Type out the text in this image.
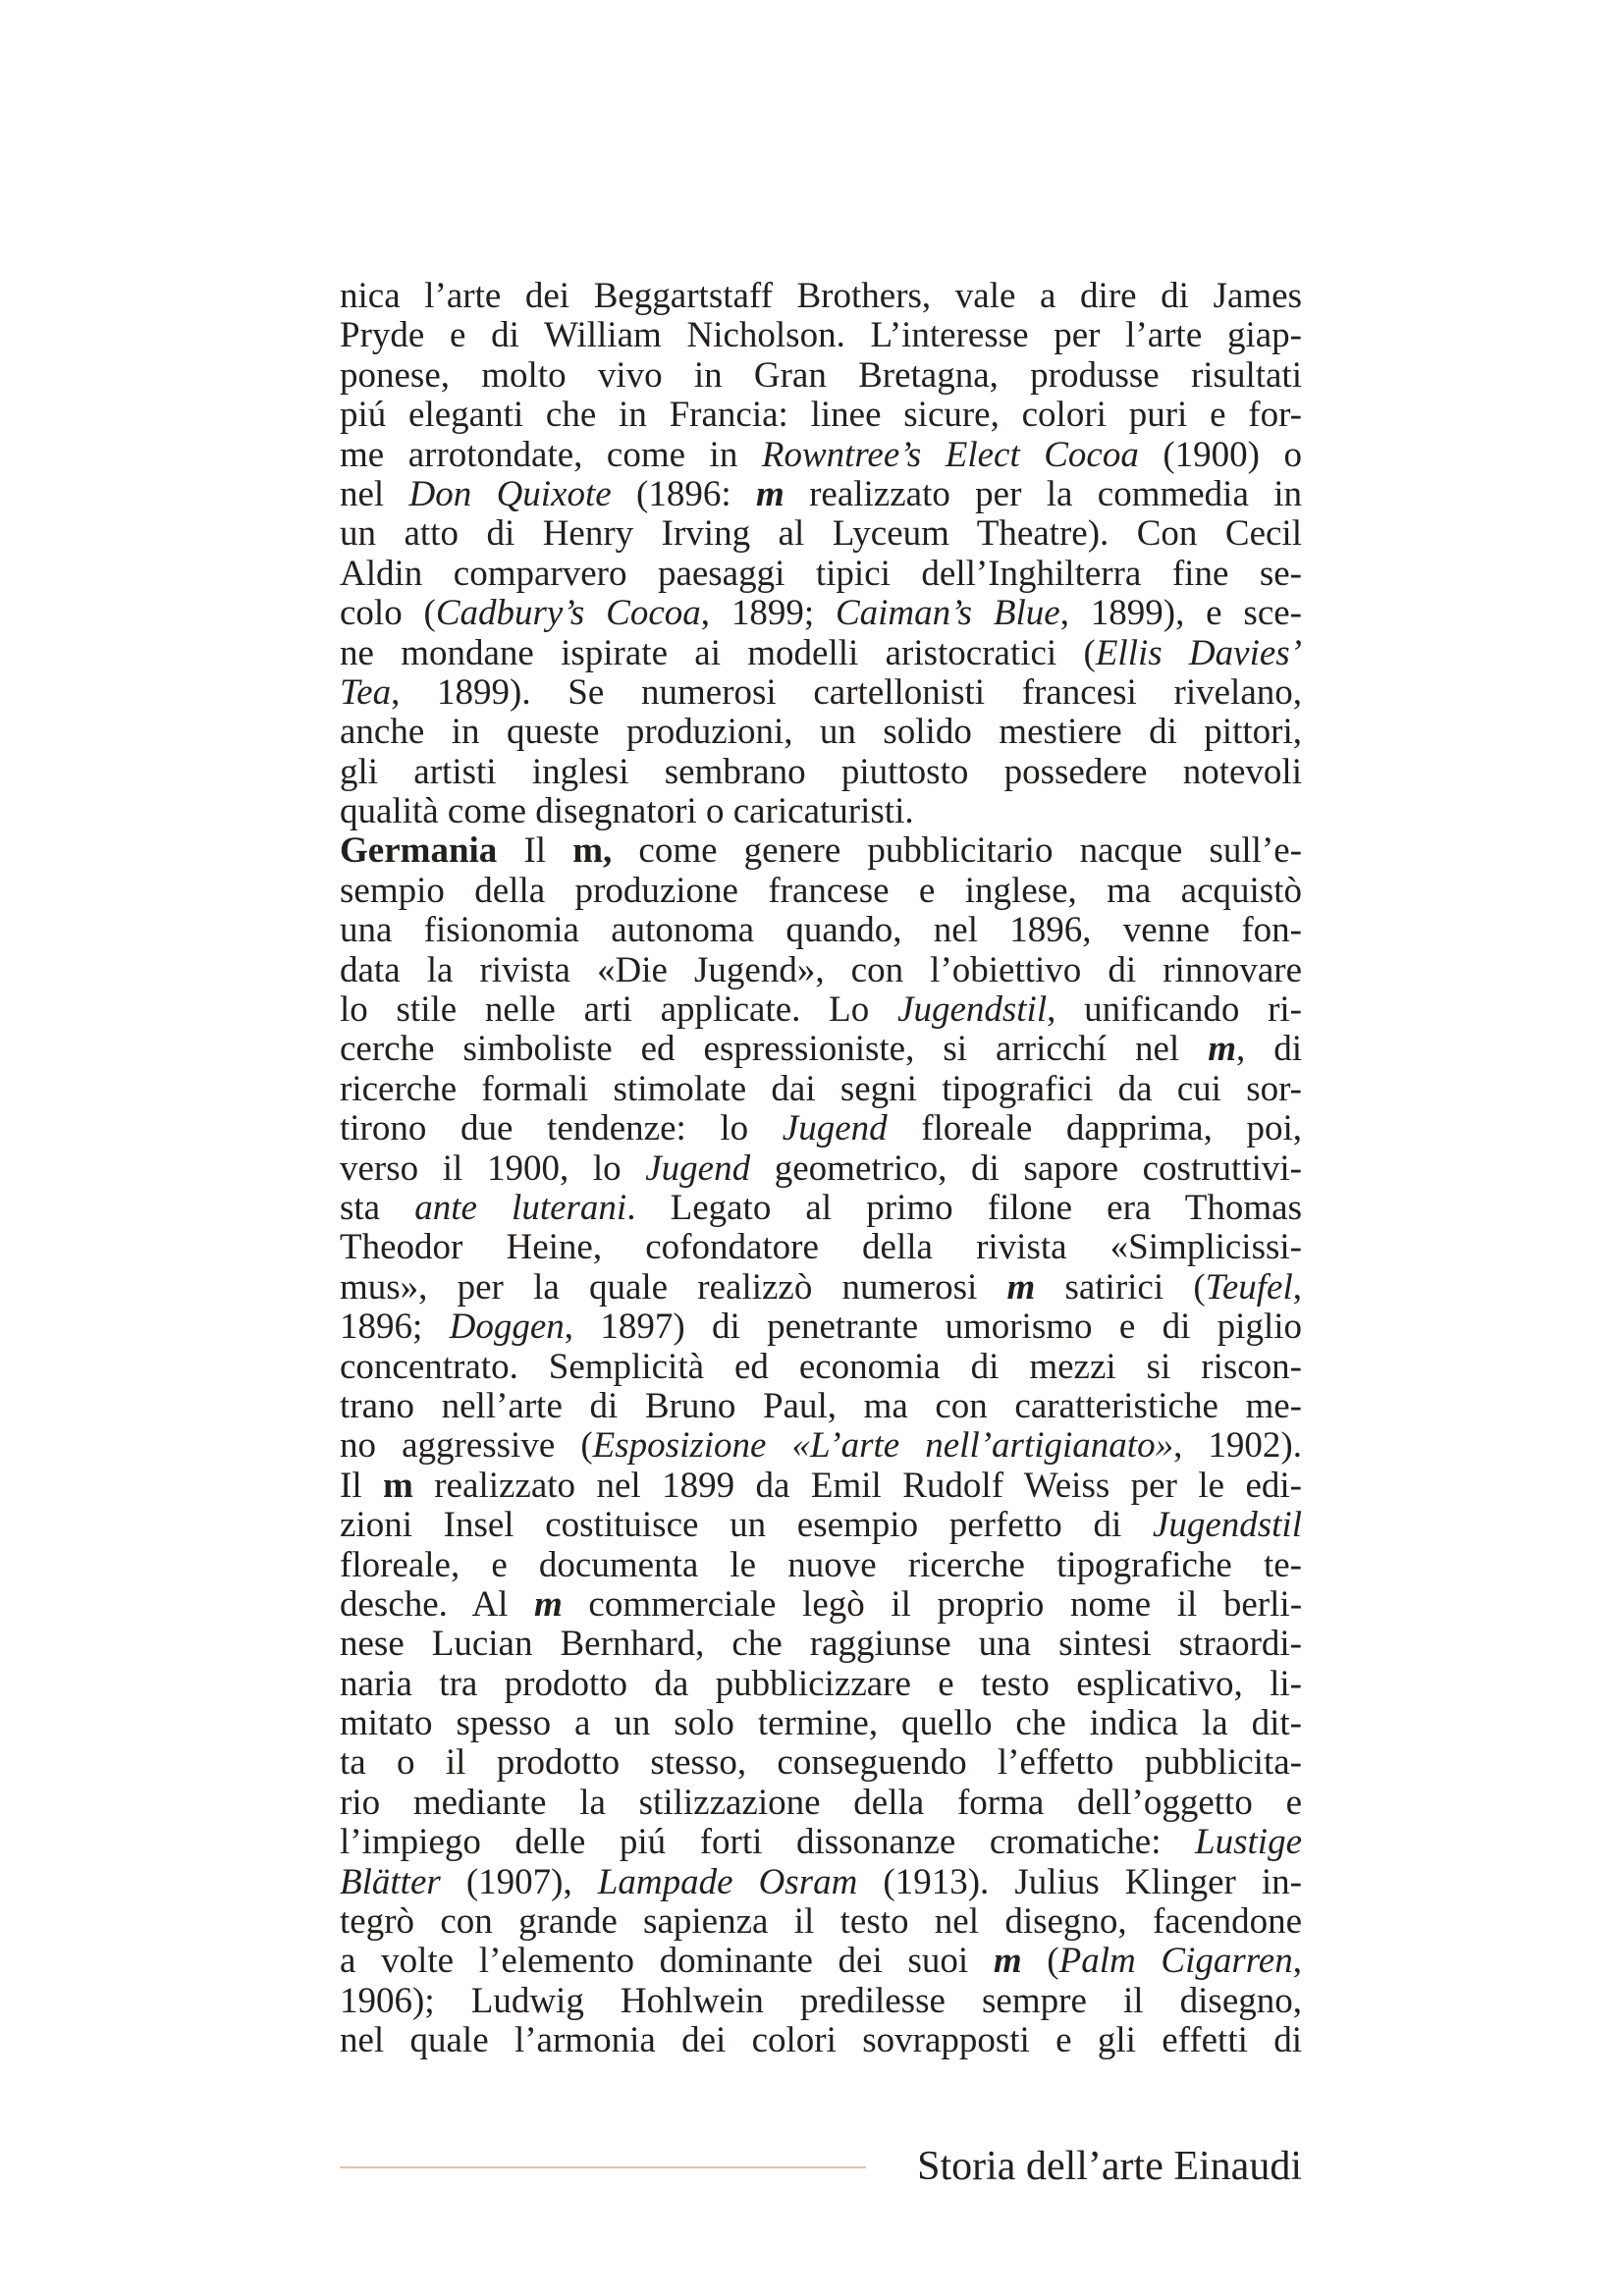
nica l’arte dei Beggartstaff Brothers, vale a dire di James
Pryde e di William Nicholson. L’interesse per l’arte giap-
ponese, molto vivo in Gran Bretagna, produsse risultati
piú eleganti che in Francia: linee sicure, colori puri e for-
me arrotondate, come in Rowntree’s Elect Cocoa (1900) o
nel Don Quixote (1896: m realizzato per la commedia in
un atto di Henry Irving al Lyceum Theatre). Con Cecil
Aldin comparvero paesaggi tipici dell’Inghilterra fine se-
colo (Cadbury’s Cocoa, 1899; Caiman’s Blue, 1899), e sce-
ne mondane ispirate ai modelli aristocratici (Ellis Davies’
Tea, 1899). Se numerosi cartellonisti francesi rivelano,
anche in queste produzioni, un solido mestiere di pittori,
gli artisti inglesi sembrano piuttosto possedere notevoli
qualità come disegnatori o caricaturisti.
Germania Il m, come genere pubblicitario nacque sull’e-
sempio della produzione francese e inglese, ma acquistò
una fisionomia autonoma quando, nel 1896, venne fon-
data la rivista «Die Jugend», con l’obiettivo di rinnovare
lo stile nelle arti applicate. Lo Jugendstil, unificando ri-
cerche simboliste ed espressioniste, si arricchí nel m, di
ricerche formali stimolate dai segni tipografici da cui sor-
tirono due tendenze: lo Jugend floreale dapprima, poi,
verso il 1900, lo Jugend geometrico, di sapore costruttivi-
sta ante luterani. Legato al primo filone era Thomas
Theodor Heine, cofondatore della rivista «Simplicissi-
mus», per la quale realizzò numerosi m satirici (Teufel,
1896; Doggen, 1897) di penetrante umorismo e di piglio
concentrato. Semplicità ed economia di mezzi si riscon-
trano nell’arte di Bruno Paul, ma con caratteristiche me-
no aggressive (Esposizione «L’arte nell’artigianato», 1902).
Il m realizzato nel 1899 da Emil Rudolf Weiss per le edi-
zioni Insel costituisce un esempio perfetto di Jugendstil
floreale, e documenta le nuove ricerche tipografiche te-
desche. Al m commerciale legò il proprio nome il berli-
nese Lucian Bernhard, che raggiunse una sintesi straordi-
naria tra prodotto da pubblicizzare e testo esplicativo, li-
mitato spesso a un solo termine, quello che indica la dit-
ta o il prodotto stesso, conseguendo l’effetto pubblicita-
rio mediante la stilizzazione della forma dell’oggetto e
l’impiego delle piú forti dissonanze cromatiche: Lustige
Blätter (1907), Lampade Osram (1913). Julius Klinger in-
tegrò con grande sapienza il testo nel disegno, facendone
a volte l’elemento dominante dei suoi m (Palm Cigarren,
1906); Ludwig Hohlwein predilesse sempre il disegno,
nel quale l’armonia dei colori sovrapposti e gli effetti di
Storia dell’arte Einaudi
